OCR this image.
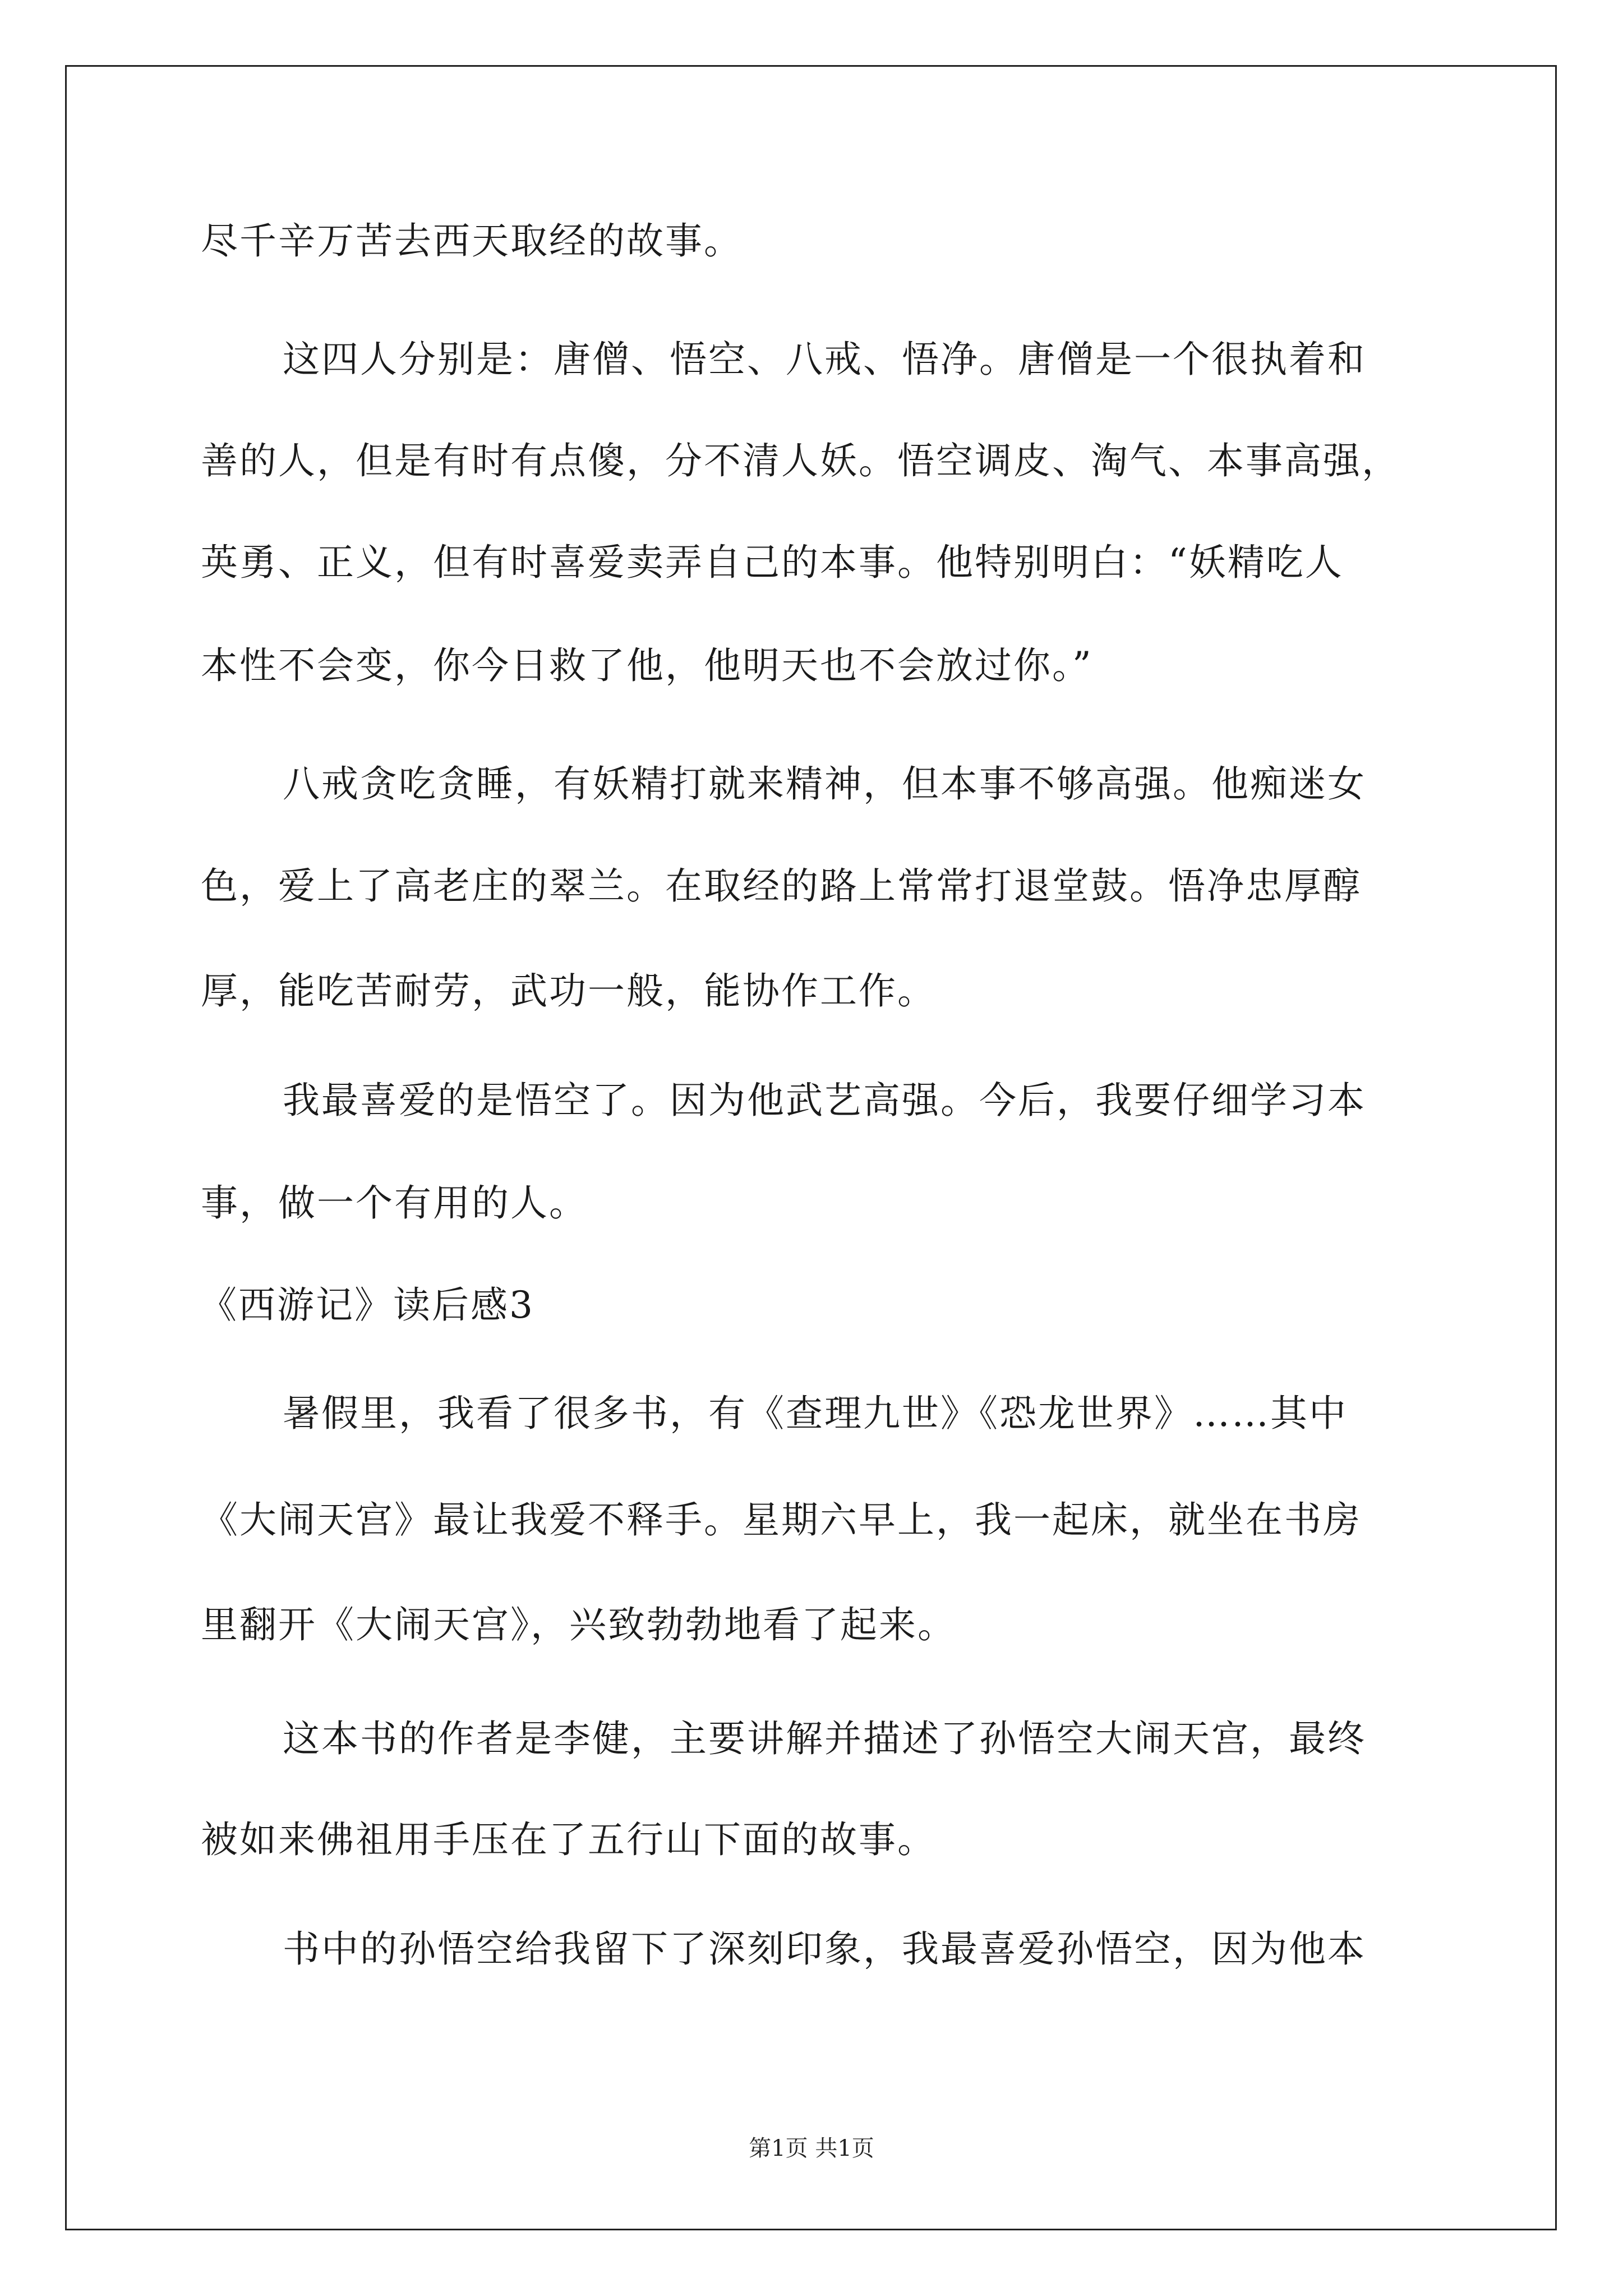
尽千辛万苦去西天取经的故事。
这四人分别是：唐僧、悟空、八戒、悟净。唐僧是一个很执着和
善的人，但是有时有点傻，分不清人妖。悟空调皮、淘气、本事高强，
英勇、正义，但有时喜爱卖弄自己的本事。他特别明白：“妖精吃人
本性不会变，你今日救了他，他明天也不会放过你。”
八戒贪吃贪睡，有妖精打就来精神，但本事不够高强。他痴迷女
色，爱上了高老庄的翠兰。在取经的路上常常打退堂鼓。悟净忠厚醇
厚，能吃苦耐劳，武功一般，能协作工作。
我最喜爱的是悟空了。因为他武艺高强。今后，我要仔细学习本
事，做一个有用的人。
《西游记》读后感3
暑假里，我看了很多书，有《查理九世》《恐龙世界》……其中
《大闹天宫》最让我爱不释手。星期六早上，我一起床，就坐在书房
里翻开《大闹天宫》，兴致勃勃地看了起来。
这本书的作者是李健，主要讲解并描述了孙悟空大闹天宫，最终
被如来佛祖用手压在了五行山下面的故事。
书中的孙悟空给我留下了深刻印象，我最喜爱孙悟空，因为他本
第1页 共1页
